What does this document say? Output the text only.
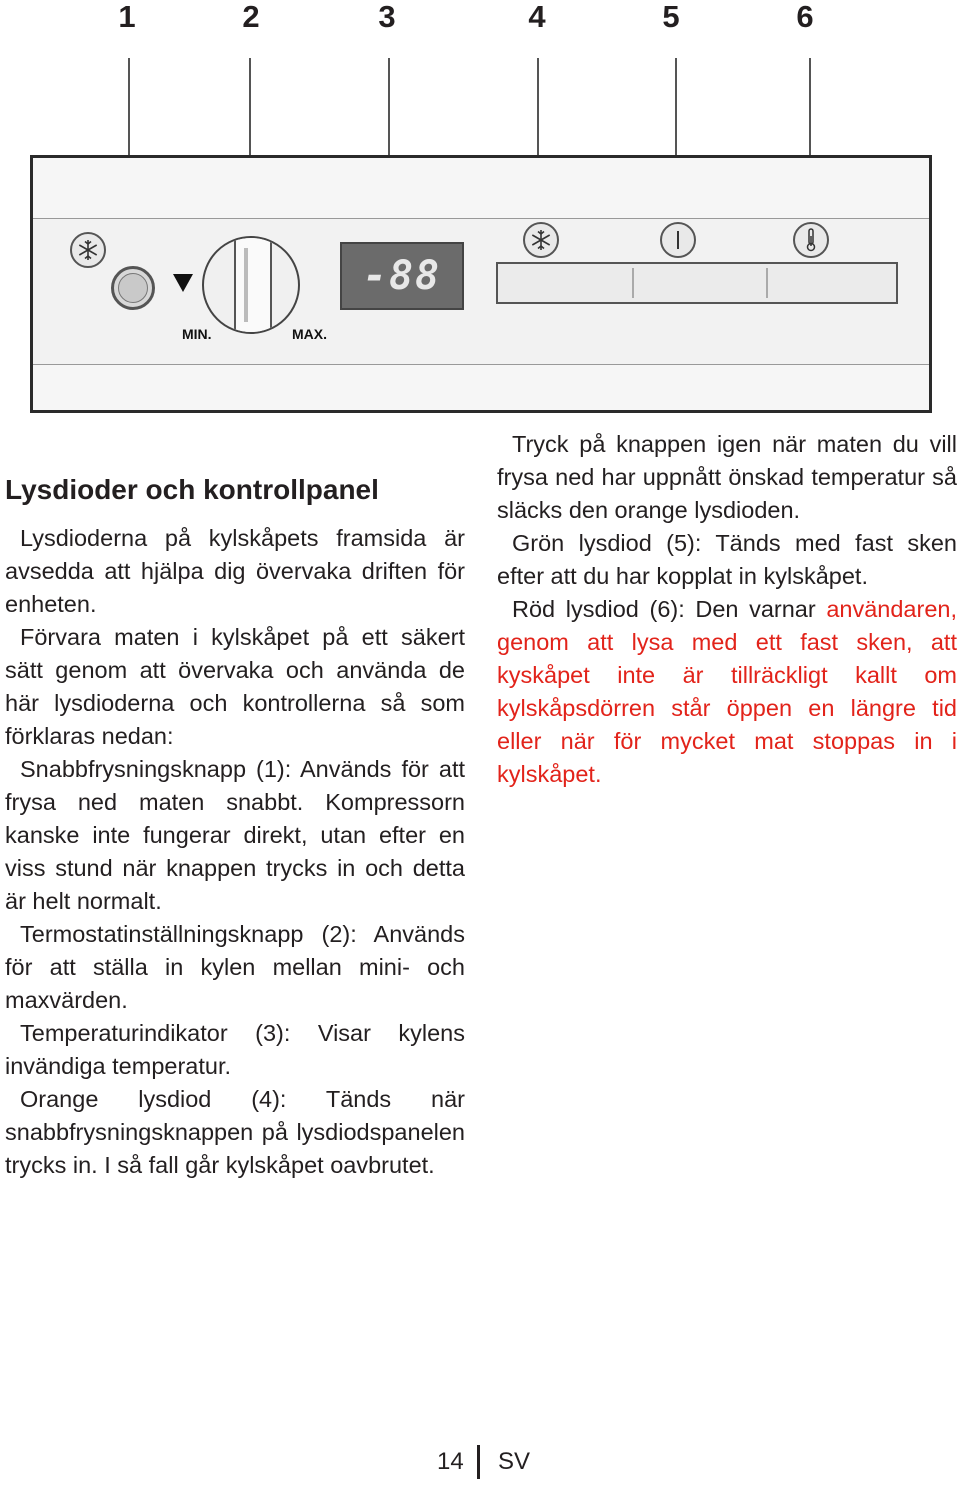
1	2	3	4	5	6
MIN.	MAX.
-88
Lysdioder och kontrollpanel

Lysdioderna på kylskåpets framsida är avsedda att hjälpa dig övervaka driften för enheten.

Förvara maten i kylskåpet på ett säkert sätt genom att övervaka och använda de här lysdioderna och kontrollerna så som förklaras nedan:

Snabbfrysningsknapp (1): Används för att frysa ned maten snabbt. Kompressorn kanske inte fungerar direkt, utan efter en viss stund när knappen trycks in och detta är helt normalt.

Termostatinställningsknapp (2): Används för att ställa in kylen mellan mini- och maxvärden.

Temperaturindikator (3): Visar kylens invändiga temperatur.

Orange lysdiod (4): Tänds när snabbfrysningsknappen på lysdiodspanelen trycks in. I så fall går kylskåpet oavbrutet.

Tryck på knappen igen när maten du vill frysa ned har uppnått önskad temperatur så släcks den orange lysdioden.

Grön lysdiod (5): Tänds med fast sken efter att du har kopplat in kylskåpet.

Röd lysdiod (6): Den varnar användaren, genom att lysa med ett fast sken, att kyskåpet inte är tillräckligt kallt om kylskåpsdörren står öppen en längre tid eller när för mycket mat stoppas in i kylskåpet.

14 SV
